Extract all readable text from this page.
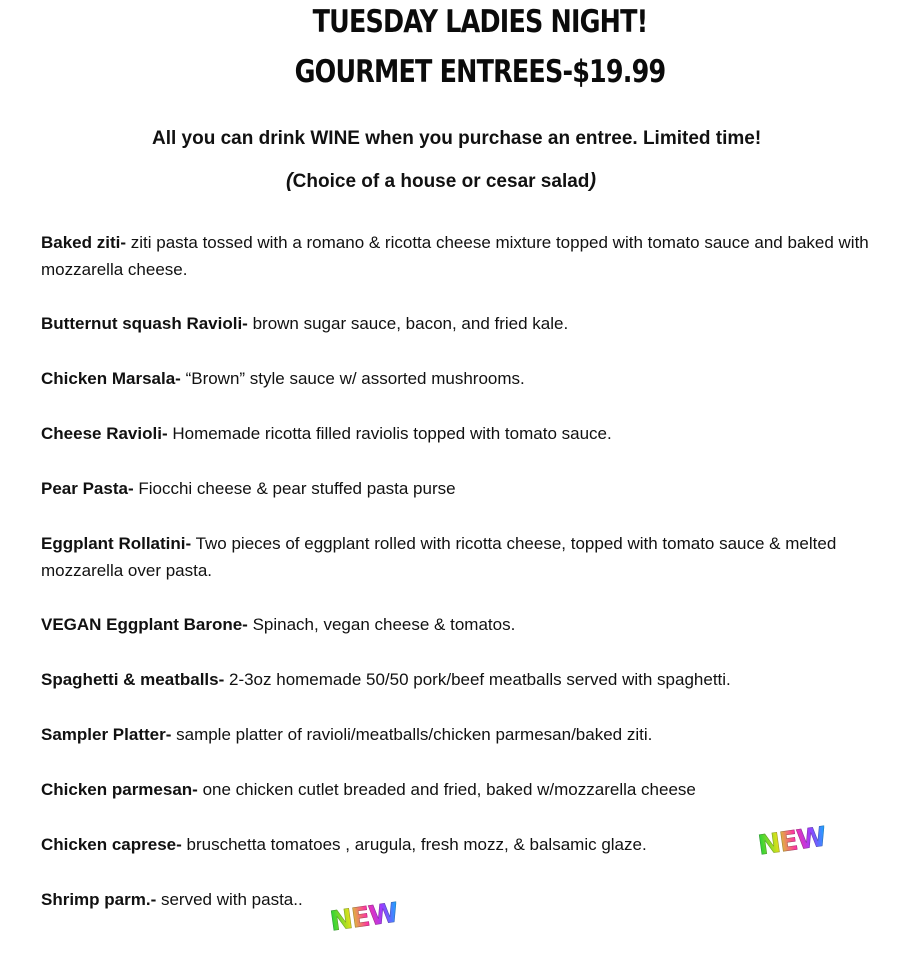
TUESDAY LADIES NIGHT!
GOURMET ENTREES-$19.99

All you can drink WINE when you purchase an entree. Limited time!

(Choice of a house or cesar salad)

Baked ziti- ziti pasta tossed with a romano & ricotta cheese mixture topped with tomato sauce and baked with mozzarella cheese.
Butternut squash Ravioli- brown sugar sauce, bacon, and fried kale.
Chicken Marsala- “Brown” style sauce w/ assorted mushrooms.
Cheese Ravioli- Homemade ricotta filled raviolis topped with tomato sauce.
Pear Pasta- Fiocchi cheese & pear stuffed pasta purse
Eggplant Rollatini- Two pieces of eggplant rolled with ricotta cheese, topped with tomato sauce & melted mozzarella over pasta.
VEGAN Eggplant Barone- Spinach, vegan cheese & tomatos.
Spaghetti & meatballs- 2-3oz homemade 50/50 pork/beef meatballs served with spaghetti.
Sampler Platter- sample platter of ravioli/meatballs/chicken parmesan/baked ziti.
Chicken parmesan- one chicken cutlet breaded and fried, baked w/mozzarella cheese
Chicken caprese- bruschetta tomatoes , arugula, fresh mozz, & balsamic glaze.
Shrimp parm.- served with pasta..
NEW
NEW
